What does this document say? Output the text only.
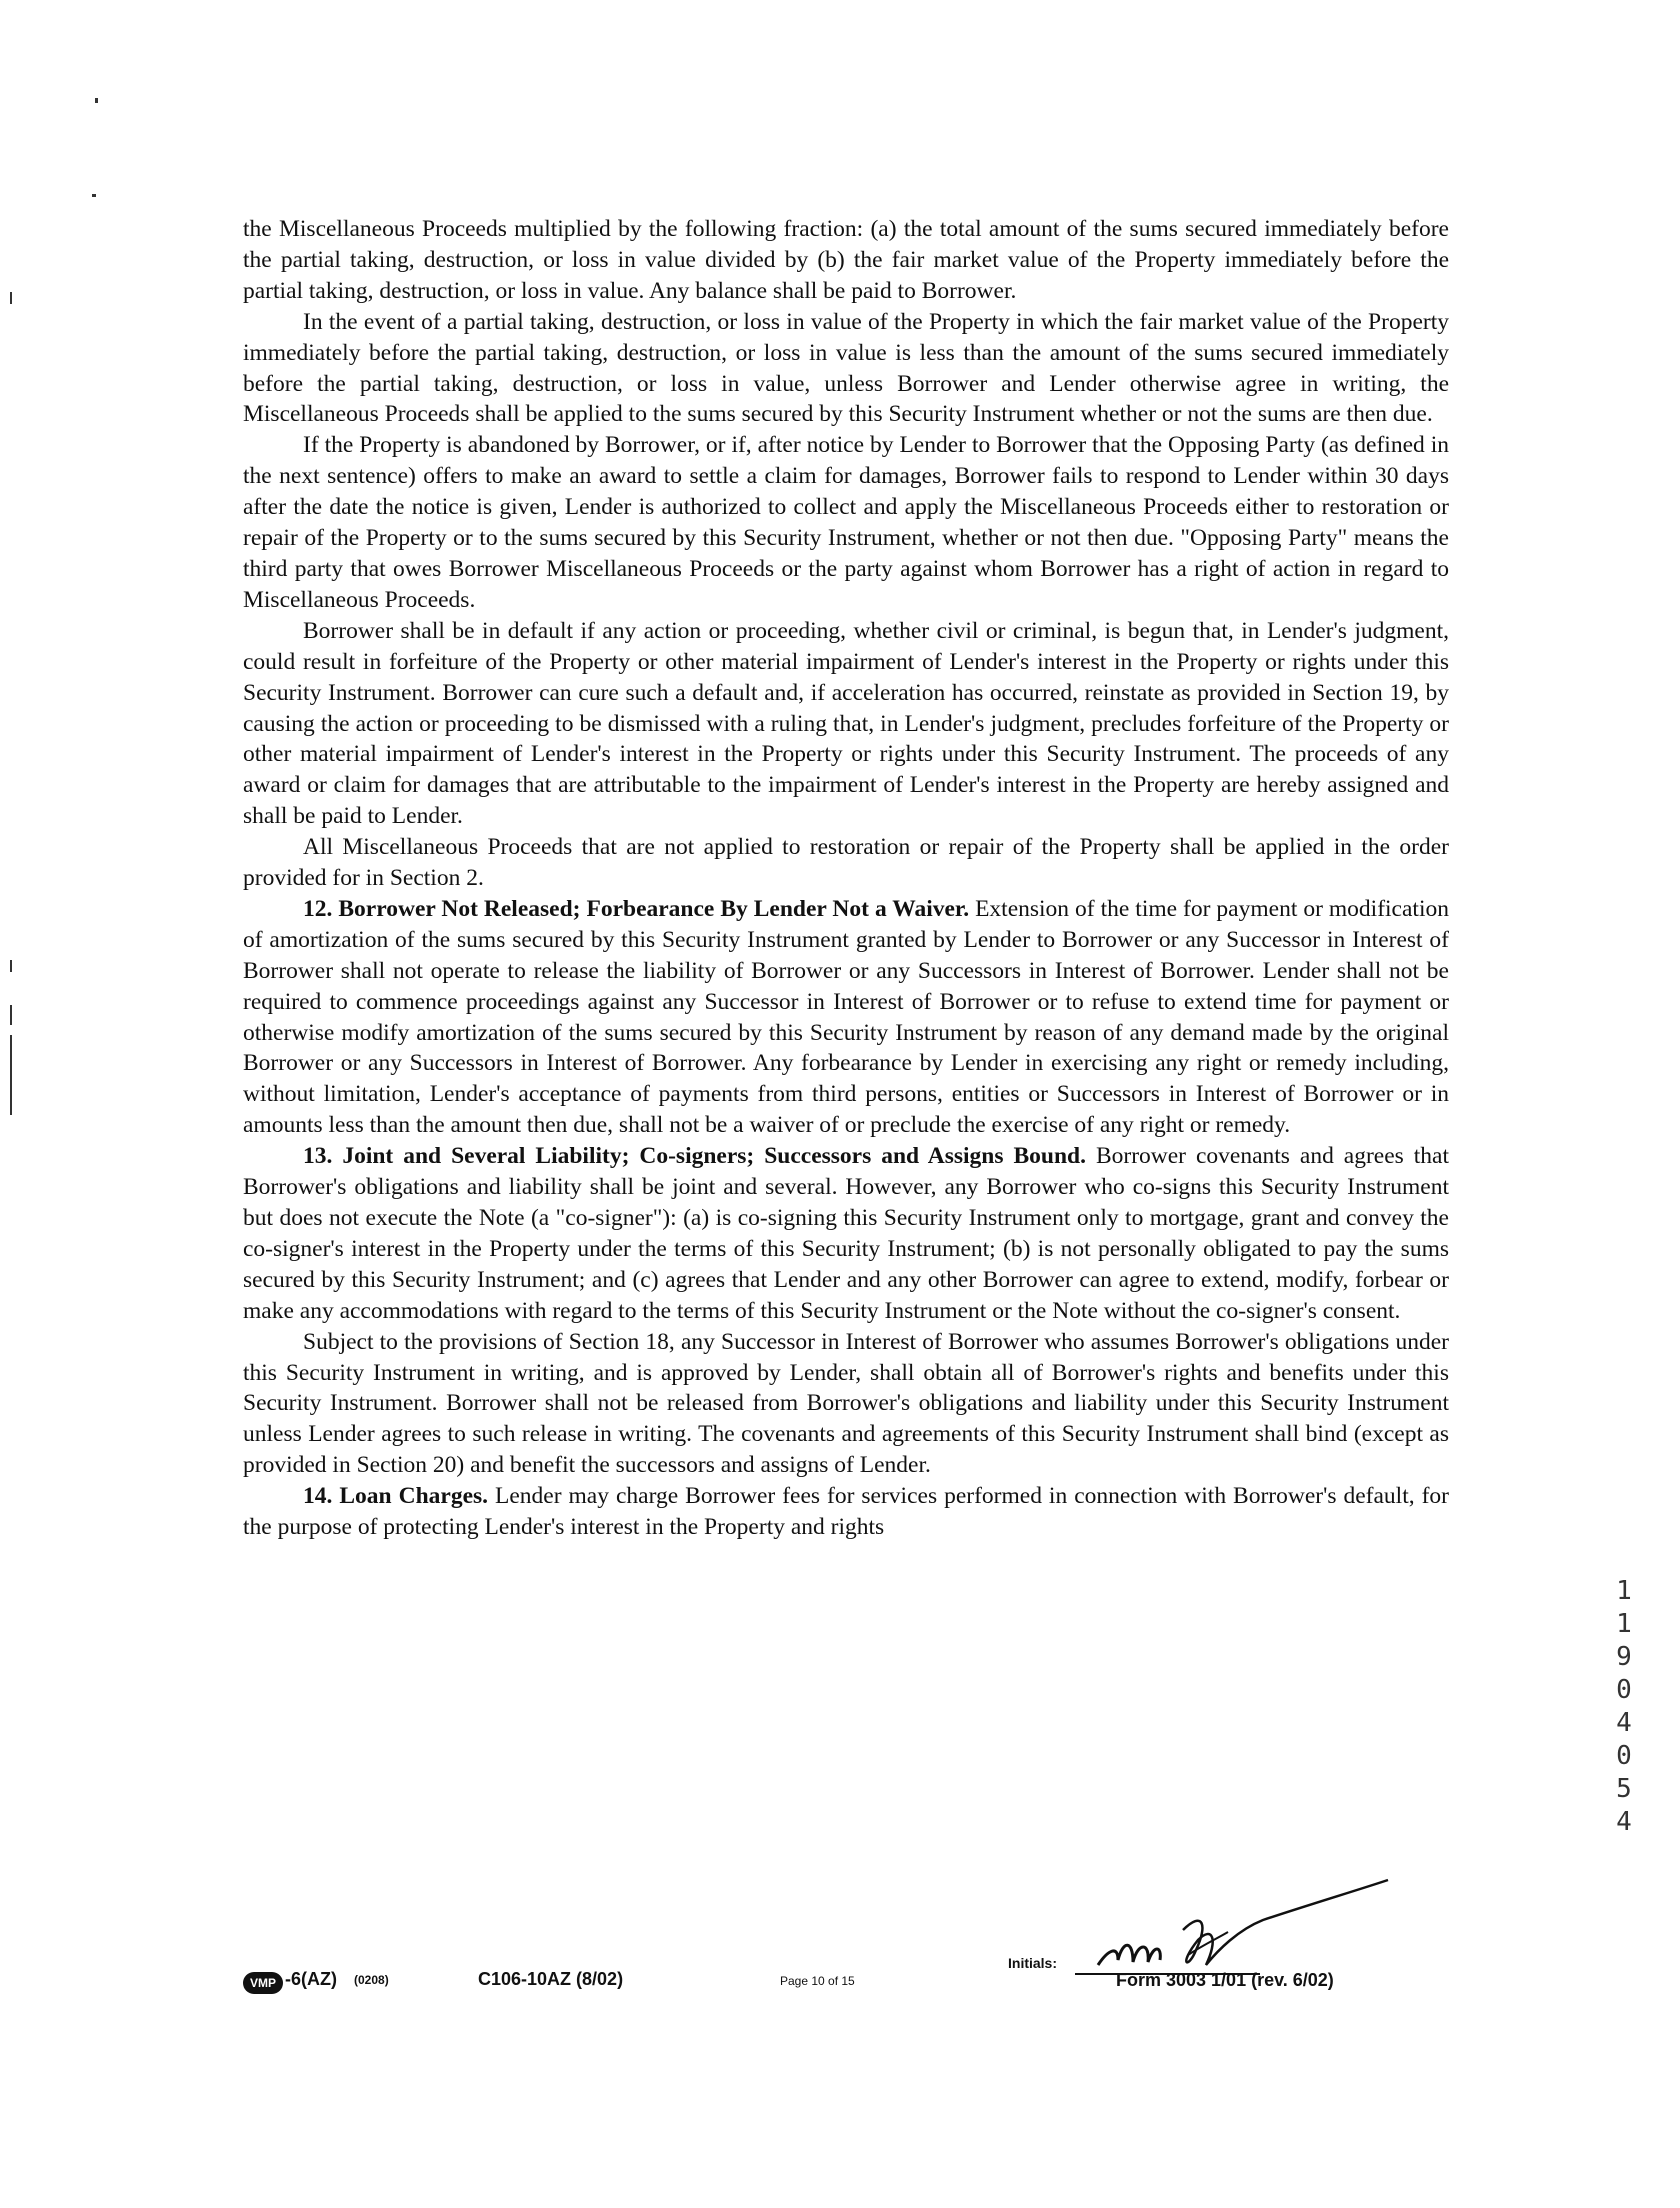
the Miscellaneous Proceeds multiplied by the following fraction: (a) the total amount of the sums secured immediately before the partial taking, destruction, or loss in value divided by (b) the fair market value of the Property immediately before the partial taking, destruction, or loss in value. Any balance shall be paid to Borrower.

In the event of a partial taking, destruction, or loss in value of the Property in which the fair market value of the Property immediately before the partial taking, destruction, or loss in value is less than the amount of the sums secured immediately before the partial taking, destruction, or loss in value, unless Borrower and Lender otherwise agree in writing, the Miscellaneous Proceeds shall be applied to the sums secured by this Security Instrument whether or not the sums are then due.

If the Property is abandoned by Borrower, or if, after notice by Lender to Borrower that the Opposing Party (as defined in the next sentence) offers to make an award to settle a claim for damages, Borrower fails to respond to Lender within 30 days after the date the notice is given, Lender is authorized to collect and apply the Miscellaneous Proceeds either to restoration or repair of the Property or to the sums secured by this Security Instrument, whether or not then due. "Opposing Party" means the third party that owes Borrower Miscellaneous Proceeds or the party against whom Borrower has a right of action in regard to Miscellaneous Proceeds.

Borrower shall be in default if any action or proceeding, whether civil or criminal, is begun that, in Lender's judgment, could result in forfeiture of the Property or other material impairment of Lender's interest in the Property or rights under this Security Instrument. Borrower can cure such a default and, if acceleration has occurred, reinstate as provided in Section 19, by causing the action or proceeding to be dismissed with a ruling that, in Lender's judgment, precludes forfeiture of the Property or other material impairment of Lender's interest in the Property or rights under this Security Instrument. The proceeds of any award or claim for damages that are attributable to the impairment of Lender's interest in the Property are hereby assigned and shall be paid to Lender.

All Miscellaneous Proceeds that are not applied to restoration or repair of the Property shall be applied in the order provided for in Section 2.

12. Borrower Not Released; Forbearance By Lender Not a Waiver. Extension of the time for payment or modification of amortization of the sums secured by this Security Instrument granted by Lender to Borrower or any Successor in Interest of Borrower shall not operate to release the liability of Borrower or any Successors in Interest of Borrower. Lender shall not be required to commence proceedings against any Successor in Interest of Borrower or to refuse to extend time for payment or otherwise modify amortization of the sums secured by this Security Instrument by reason of any demand made by the original Borrower or any Successors in Interest of Borrower. Any forbearance by Lender in exercising any right or remedy including, without limitation, Lender's acceptance of payments from third persons, entities or Successors in Interest of Borrower or in amounts less than the amount then due, shall not be a waiver of or preclude the exercise of any right or remedy.

13. Joint and Several Liability; Co-signers; Successors and Assigns Bound. Borrower covenants and agrees that Borrower's obligations and liability shall be joint and several. However, any Borrower who co-signs this Security Instrument but does not execute the Note (a "co-signer"): (a) is co-signing this Security Instrument only to mortgage, grant and convey the co-signer's interest in the Property under the terms of this Security Instrument; (b) is not personally obligated to pay the sums secured by this Security Instrument; and (c) agrees that Lender and any other Borrower can agree to extend, modify, forbear or make any accommodations with regard to the terms of this Security Instrument or the Note without the co-signer's consent.

Subject to the provisions of Section 18, any Successor in Interest of Borrower who assumes Borrower's obligations under this Security Instrument in writing, and is approved by Lender, shall obtain all of Borrower's rights and benefits under this Security Instrument. Borrower shall not be released from Borrower's obligations and liability under this Security Instrument unless Lender agrees to such release in writing. The covenants and agreements of this Security Instrument shall bind (except as provided in Section 20) and benefit the successors and assigns of Lender.

14. Loan Charges. Lender may charge Borrower fees for services performed in connection with Borrower's default, for the purpose of protecting Lender's interest in the Property and rights

VMP -6(AZ) (0208)	C106-10AZ (8/02)	Page 10 of 15
Initials:
Form 3003 1/01 (rev. 6/02)
11904054
